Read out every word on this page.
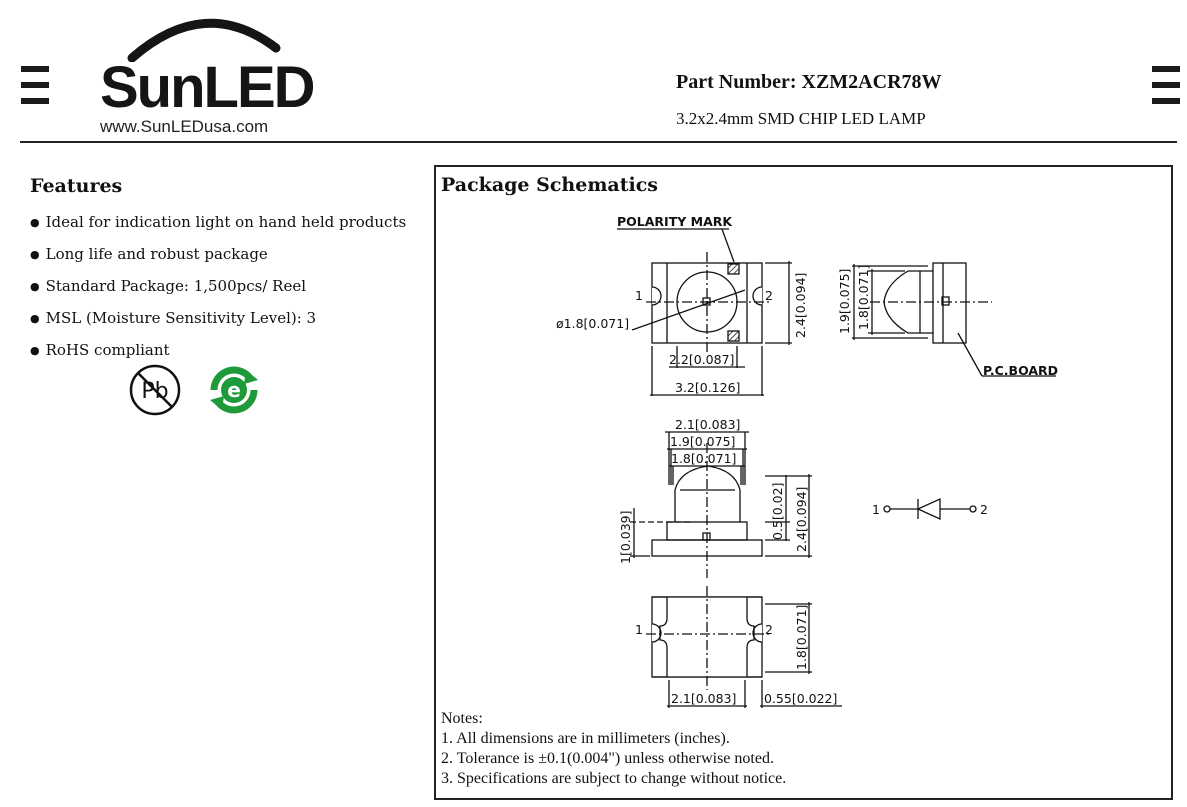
SunLED
www.SunLEDusa.com
Part Number: XZM2ACR78W
3.2x2.4mm SMD CHIP LED LAMP
Features
● Ideal for indication light on hand held products
● Long life and robust package
● Standard Package: 1,500pcs/ Reel
● MSL (Moisture Sensitivity Level): 3
● RoHS compliant
Pb	e
Package Schematics
POLARITY MARK
1	2
ø1.8[0.071]
2.2[0.087]
3.2[0.126]
2.4[0.094] 1.9[0.075] 1.8[0.071]
P.C.BOARD
2.1[0.083]
1.9[0.075]
1.8[0.071]
0.5[0.02] 2.4[0.094]
1[0.039]
1	2 1.8[0.071]
2.1[0.083] 0.55[0.022]
1	2
Notes:
1. All dimensions are in millimeters (inches).
2. Tolerance is ±0.1(0.004") unless otherwise noted.
3. Specifications are subject to change without notice.
